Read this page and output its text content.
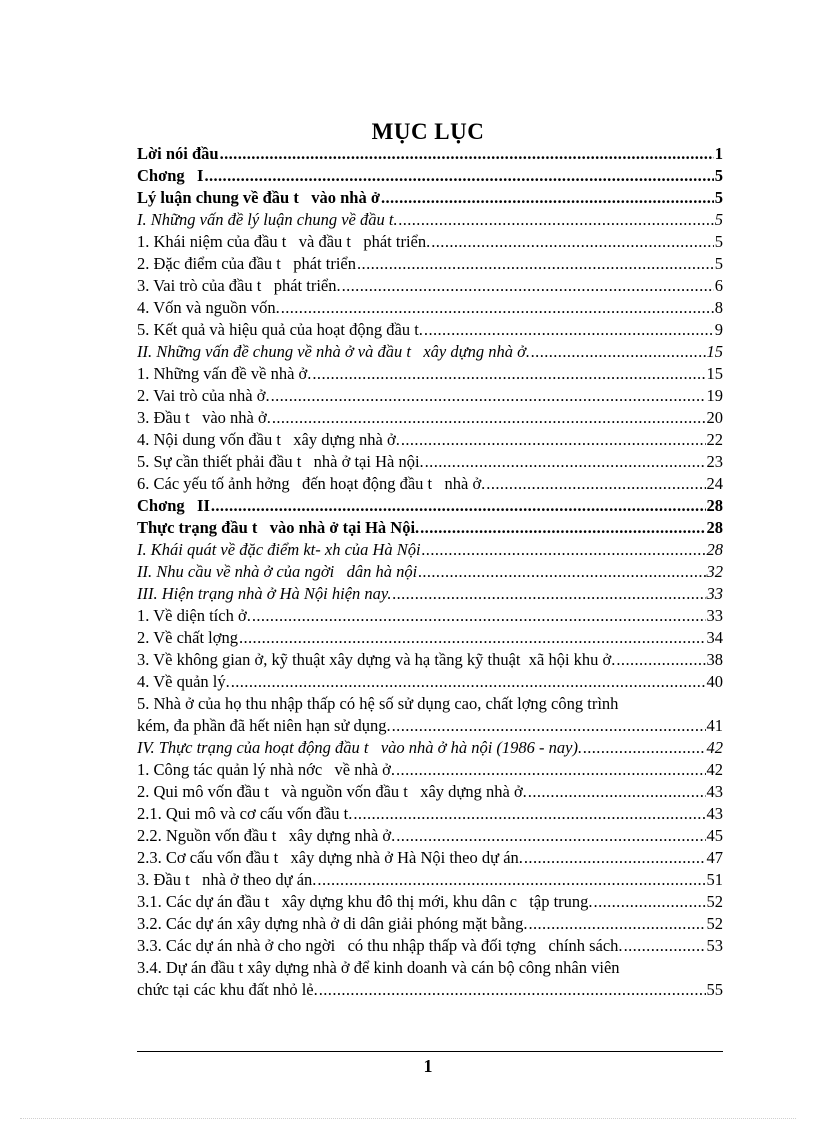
MỤC LỤC
Lời nói đầu .....	1
Chơng   I .....	5
Lý luận chung về đầu t   vào nhà ở .....	5
I. Những vấn đề lý luận chung về đầu t. .....	5
1. Khái niệm của đầu t   và đầu t   phát triển. .....	5
2. Đặc điểm của đầu t   phát triển .....	5
3. Vai trò của đầu t   phát triển. .....	6
4. Vốn và nguồn vốn. .....	8
5. Kết quả và hiệu quả của hoạt động đầu t. .....	9
II. Những vấn đề chung về nhà ở và đầu t   xây dựng nhà ở. .....	15
1. Những vấn đề về nhà ở. .....	15
2. Vai trò của nhà ở. .....	19
3. Đầu t   vào nhà ở. .....	20
4. Nội dung vốn đầu t   xây dựng nhà ở. .....	22
5. Sự cần thiết phải đầu t   nhà ở tại Hà nội. .....	23
6. Các yếu tố ảnh hởng   đến hoạt động đầu t   nhà ở. .....	24
Chơng   II .....	28
Thực trạng đầu t   vào nhà ở tại Hà Nội. .....	28
I. Khái quát về đặc điểm kt- xh của Hà Nội .....	28
II. Nhu cầu về nhà ở của ngời   dân hà nội .....	32
III. Hiện trạng nhà ở Hà Nội hiện nay. .....	33
1. Về diện tích ở. .....	33
2. Về chất lợng .....	34
3. Về không gian ở, kỹ thuật xây dựng và hạ tầng kỹ thuật  xã hội khu ở. .....	38
4. Về quản lý. .....	40
5. Nhà ở của họ thu nhập thấp có hệ số sử dụng cao, chất lợng công trình
kém, đa phần đã hết niên hạn sử dụng. .....	41
IV. Thực trạng của hoạt động đầu t   vào nhà ở hà nội (1986 - nay). .....	42
1. Công tác quản lý nhà nớc   về nhà ở. .....	42
2. Qui mô vốn đầu t   và nguồn vốn đầu t   xây dựng nhà ở. .....	43
2.1. Qui mô và cơ cấu vốn đầu t. .....	43
2.2. Nguồn vốn đầu t   xây dựng nhà ở. .....	45
2.3. Cơ cấu vốn đầu t   xây dựng nhà ở Hà Nội theo dự án. .....	47
3. Đầu t   nhà ở theo dự án. .....	51
3.1. Các dự án đầu t   xây dựng khu đô thị mới, khu dân c   tập trung. .....	52
3.2. Các dự án xây dựng nhà ở di dân giải phóng mặt bằng. .....	52
3.3. Các dự án nhà ở cho ngời   có thu nhập thấp và đối tợng   chính sách. .....	53
3.4. Dự án đầu t xây dựng nhà ở để kinh doanh và cán bộ công nhân viên
chức tại các khu đất nhỏ lẻ. .....	55
1
